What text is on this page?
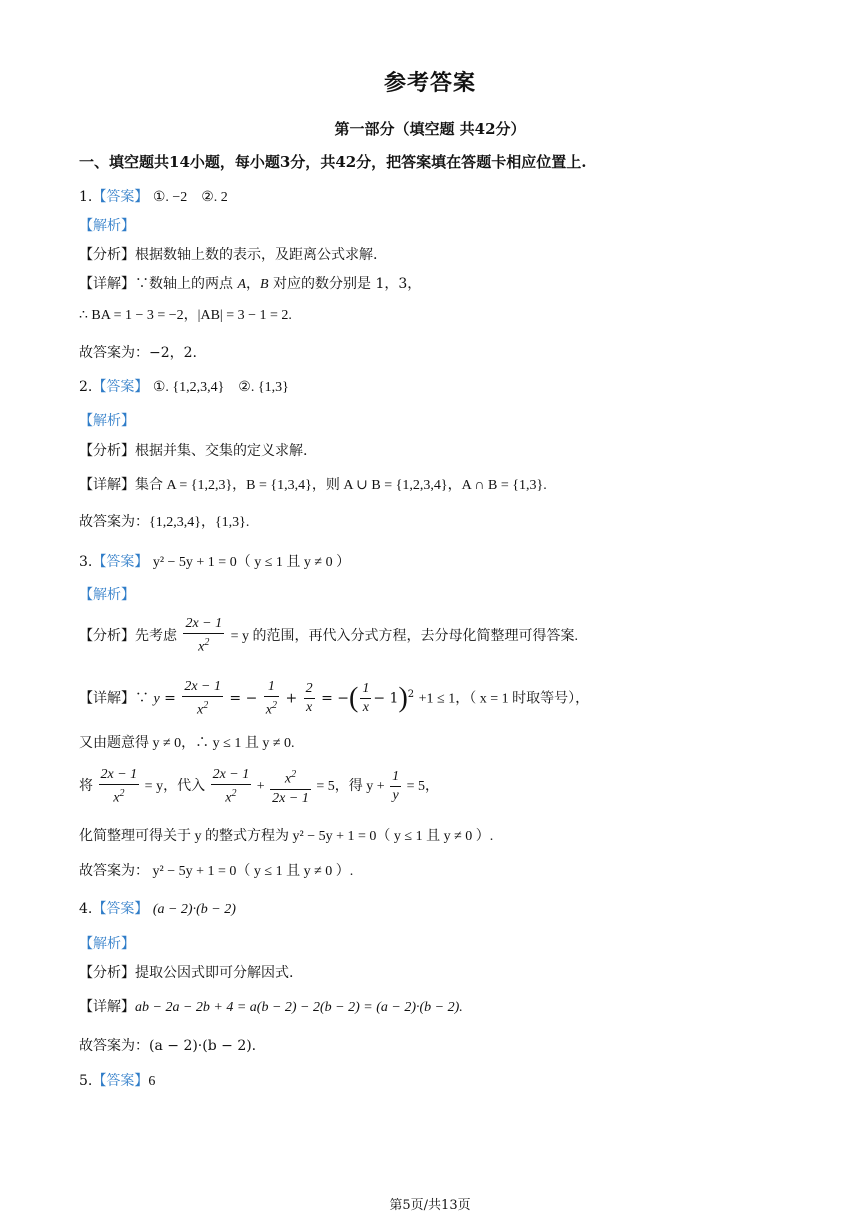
参考答案
第一部分（填空题 共42分）
一、填空题共14小题，每小题3分，共42分，把答案填在答题卡相应位置上.
1.【答案】 ①. −2　②. 2
【解析】
【分析】根据数轴上数的表示，及距离公式求解.
【详解】∵数轴上的两点 A，B 对应的数分别是 1，3，
∴ BA = 1 − 3 = −2，|AB| = 3 − 1 = 2.
故答案为：−2，2.
2.【答案】 ①. {1,2,3,4}　②. {1,3}
【解析】
【分析】根据并集、交集的定义求解.
【详解】集合 A = {1,2,3}，B = {1,3,4}，则 A ∪ B = {1,2,3,4}，A ∩ B = {1,3}.
故答案为：{1,2,3,4}，{1,3}.
3.【答案】 y² − 5y + 1 = 0（ y ≤ 1 且 y ≠ 0 ）
【解析】
【分析】先考虑 $\frac{2x - 1}{x^2} = y$ 的范围，再代入分式方程，去分母化简整理可得答案.
【详解】∵ $y = \frac{2x - 1}{x^2}$ = − $\frac{1}{x^2} + \frac{2}{x}$ = −( $\frac{1}{x} - 1)^2 +1 \le 1$，（ x = 1 时取等号），
又由题意得 y ≠ 0，∴ y ≤ 1 且 y ≠ 0.
将 $\frac{2x - 1}{x^2} = y$，代入 $\frac{2x - 1}{x^2} + \frac{x^2}{2x - 1} = 5$，得 $y + \frac{1}{y} = 5$，
化简整理可得关于 y 的整式方程为 y² − 5y + 1 = 0（ y ≤ 1 且 y ≠ 0 ）.
故答案为： y² − 5y + 1 = 0（ y ≤ 1 且 y ≠ 0 ）.
4.【答案】 (a − 2)·(b − 2)
【解析】
【分析】提取公因式即可分解因式.
【详解】ab − 2a − 2b + 4 = a(b − 2) − 2(b − 2) = (a − 2)·(b − 2).
故答案为：(a − 2)·(b − 2).
5.【答案】6
第5页/共13页
